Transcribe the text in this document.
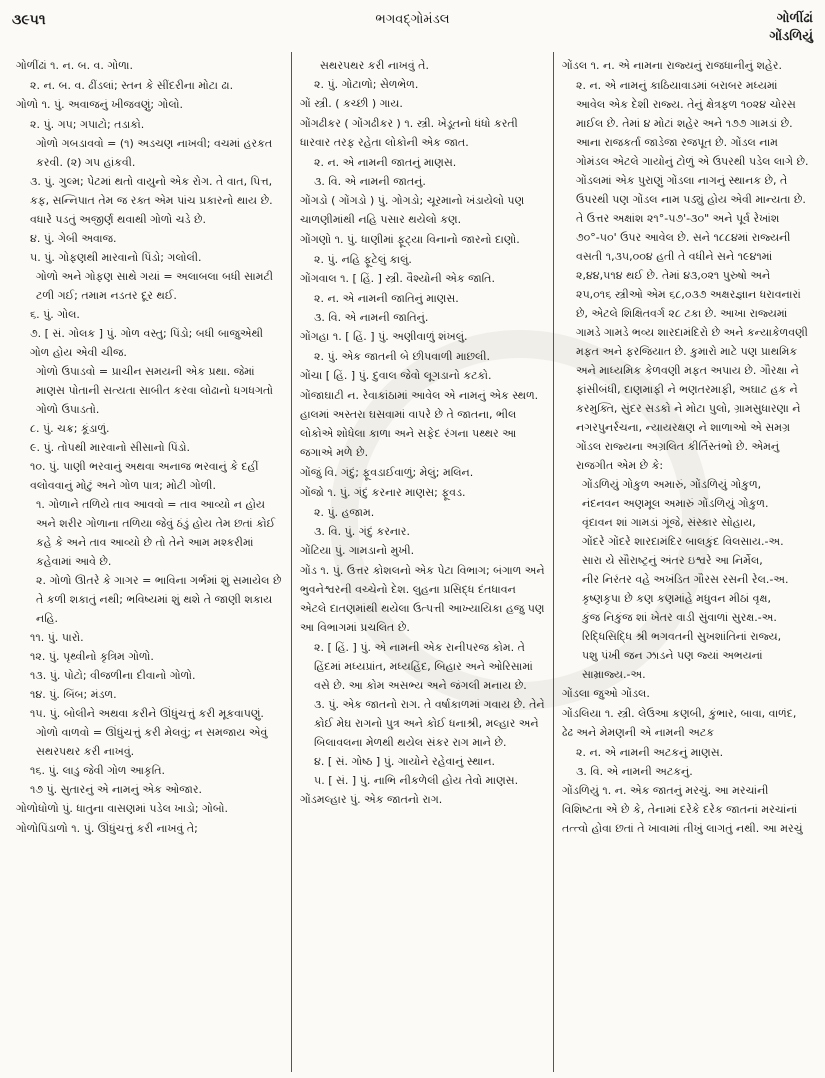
૩૯૫૧	ભગવદ્ગોમંડલ	ગોળીંઢાં
ગોંડળિયું
ગોળીંઢાં ૧. ન. બ. વ. ગોળા.
૨. ન. બ. વ. ઢીંડલાં; સ્તન કે સીંદરીના મોટા ઢા.
ગોળો ૧. પું. અવાજનું ખીજવણું; ગોલો.
૨. પું. ગપ; ગપાટો; તડાકો.
ગોળો ગબડાવવો = (૧) અડચણ નાખવી; વચમાં હરકત કરવી. (૨) ગપ હાંકવી.
૩. પું. ગુલ્મ; પેટમાં થતો વાયુનો એક રોગ. તે વાત, પિત્ત, કફ, સન્નિપાત તેમ જ રક્ત એમ પાંચ પ્રકારનો થાય છે. વધારે પડતું અજીર્ણ થવાથી ગોળો ચડે છે.
૪. પું. ગેબી અવાજ.
૫. પું. ગોફણથી મારવાનો પિંડો; ગલોલી.
ગોળો અને ગોફણ સાથે ગયાં = અલાબલા બધી સામટી ટળી ગઈ; તમામ નડતર દૂર થઈ.
૬. પું. ગોલ.
૭. [ સં. ગોલક ] પું. ગોળ વસ્તુ; પિંડો; બધી બાજુએથી ગોળ હોય એવી ચીજ.
ગોળો ઉપાડવો = પ્રાચીન સમયની એક પ્રથા. જેમાં માણસ પોતાની સત્યતા સાબીત કરવા લોઢાનો ધગધગતો ગોળો ઉપાડતો.
૮. પું. ચક્ર; કૂંડાળું.
૯. પું. તોપથી મારવાનો સીસાનો પિંડો.
૧૦. પું. પાણી ભરવાનું અથવા અનાજ ભરવાનું કે દહીં વલોવવાનું મોટું અને ગોળ પાત્ર; મોટી ગોળી.
૧. ગોળાને તળિયે તાવ આવવો = તાવ આવ્યો ન હોય અને શરીર ગોળાના તળિયા જેવું ઠંડું હોય તેમ છતાં કોઈ કહે કે અને તાવ આવ્યો છે તો તેને આમ મશ્કરીમાં કહેવામાં આવે છે.
૨. ગોળો ઊતરે કે ગાગર = ભાવિના ગર્ભમાં શું સમાયેલ છે તે કળી શકાતું નથી; ભવિષ્યમાં શું થશે તે જાણી શકાય નહિ.
૧૧. પું. પારો.
૧૨. પું. પૃથ્વીનો કૃત્રિમ ગોળો.
૧૩. પું. પોટો; વીજળીના દીવાનો ગોળો.
૧૪. પું. બિંબ; મંડળ.
૧૫. પું. બોલીને અથવા કરીને ઊંધુંચત્તું કરી મૂકવાપણું.
ગોળો વાળવો = ઊંધુંચત્તું કરી મેલવું; ન સમજાય એવું સથરપથર કરી નાખવું.
૧૬. પું. લાડુ જેવી ગોળ આકૃતિ.
૧૭ પું. સુતારનું એ નામનું એક ઓજાર.
ગોળોધોળો પું. ધાતુના વાસણમાં પડેલ ખાડો; ગોબો.
ગોળોપિંડાળો ૧. પું. ઊંધુંચત્તું કરી નાખવું તે;
સથરપથર કરી નાખવું તે.
૨. પું. ગોટાળો; સેળભેળ.
ગોં સ્ત્રી. ( કચ્છી ) ગાય.
ગોંગઢીકર ( ગોંગઢીકર ) ૧. સ્ત્રી. ખેડૂતનો ધંધો કરતી ધારવાર તરફ રહેતા લોકોની એક જાત.
૨. ન. એ નામની જાતનું માણસ.
૩. વિ. એ નામની જાતનું.
ગોંગડો ( ગોંગડો ) પું. ગોગડો; ચૂરમાનો ખંડાયેલો પણ ચાળણીમાંથી નહિ પસાર થયેલો કણ.
ગોંગણો ૧. પું. ધાણીમાં ફૂટ્યા વિનાનો જારનો દાણો.
૨. પું. નહિ ફૂટેલું કાલું.
ગોંગવાલ ૧. [ હિં. ] સ્ત્રી. વૈશ્યોની એક જાતિ.
૨. ન. એ નામની જાતિનું માણસ.
૩. વિ. એ નામની જાતિનું.
ગોંગહા ૧. [ હિં. ] પું. અણીવાળું શંખલું.
૨. પું. એક જાતની બે છીપવાળી માછલી.
ગોંચા [ હિં. ] પું. દુવાલ જેવો લૂગડાનો કટકો.
ગોંજાઘાટી ન. રેવાકાંઠામાં આવેલ એ નામનું એક સ્થળ. હાલમાં અસ્તરા ઘસવામાં વાપરે છે તે જાતના, ભીલ લોકોએ શોધેલા કાળા અને સફેદ રંગના પથ્થર આ જગાએ મળે છે.
ગોંજું વિ. ગંદું; ફૂવડાઈવાળું; મેલું; મલિન.
ગોંજો ૧. પું. ગંદું કરનાર માણસ; ફૂવડ.
૨. પું. હજામ.
૩. વિ. પું. ગંદું કરનાર.
ગોંટિયા પું. ગામડાનો મુખી.
ગોંડ ૧. પું. ઉત્તર કોશલનો એક પેટા વિભાગ; બંગાળ અને ભુવનેશ્વરની વચ્ચેનો દેશ. લુહના પ્રસિદ્ધ દંતધાવન એટલે દાતણમાંથી થયેલા ઉત્પત્તી આખ્યાયિકા હજુ પણ આ વિભાગમાં પ્રચલિત છે.
૨. [ હિં. ] પું. એ નામની એક રાનીપરજ કોમ. તે હિંદમાં મધ્યપ્રાંત, મધ્યહિંદ, બિહાર અને ઓરિસામાં વસે છે. આ કોમ અસભ્ય અને જંગલી મનાય છે.
૩. પું. એક જાતનો રાગ. તે વર્ષાકાળમાં ગવાય છે. તેને કોઈ મેઘ રાગનો પુત્ર અને કોઈ ધનાશ્રી, મલ્હાર અને બિલાવલના મેળથી થયેલ સંકર રાગ માને છે.
૪. [ સં. ગોષ્ઠ ] પું. ગાયોને રહેવાનું સ્થાન.
૫. [ સં. ] પું. નાભિ નીકળેલી હોય તેવો માણસ.
ગોંડમલ્હાર પું. એક જાતનો રાગ.
ગોંડલ ૧. ન. એ નામના રાજ્યનું રાજધાનીનું શહેર.
૨. ન. એ નામનું કાઠિયાવાડમાં બરાબર મધ્યમાં આવેલ એક દેશી રાજ્ય. તેનું ક્ષેત્રફળ ૧૦૨૪ ચોરસ માઈલ છે. તેમાં ૪ મોટાં શહેર અને ૧૭૭ ગામડાં છે. આના રાજકર્તા જાડેજા રજપૂત છે. ગોંડલ નામ ગોમંડલ એટલે ગાયોનું ટોળું એ ઉપરથી પડેલ લાગે છે. ગોંડલમાં એક પુરાણું ગોંડલા નાગનું સ્થાનક છે, તે ઉપરથી પણ ગોંડલ નામ પડ્યું હોય એવી માન્યતા છે. તે ઉત્તર અક્ષાંશ ૨૧°-૫૭'-૩૦" અને પૂર્વ રેખાંશ ૭૦°-૫૦' ઉપર આવેલ છે. સને ૧૮૮૪માં રાજ્યની વસતી ૧,૩૫,૦૦૪ હતી તે વધીને સને ૧૯૪૧માં ૨,૪૪,૫૧૪ થઈ છે. તેમાં ૪૩,૦૨૧ પુરુષો અને ૨૫,૦૧૬ સ્ત્રીઓ એમ ૬૮,૦૩૭ અક્ષરજ્ઞાન ધરાવનારાં છે, એટલે શિક્ષિતવર્ગ ૨૮ ટકા છે. આખા રાજ્યમાં ગામડે ગામડે ભવ્ય શારદામંદિરો છે અને કન્યાકેળવણી મફત અને ફરજિયાત છે. કુમારો માટે પણ પ્રાથમિક અને માધ્યમિક કેળવણી મફત અપાય છે. ગૌરક્ષા ને ફાંસીબંધી, દાણમાફી ને ભણતરમાફી, અઘાટ હક ને કરમુક્તિ, સુંદર સડકો ને મોટા પુલો, ગ્રામસુધારણા ને નગરપુનર્રચના, ન્યાયરક્ષણ ને શાળાઓ એ સમગ્ર ગોંડલ રાજ્યના અગ્રલિત કીર્તિસ્તંભો છે. એમનું રાજગીત એમ છે કે:
ગોંડળિયું ગોકુળ અમારું, ગોંડળિયું ગોકુળ,
નંદનવન અણમૂલ અમારું ગોંડળિયું ગોકુળ.
વૃંદાવન શાં ગામડાં ગૂંજે, સંસ્કાર સોહાય,
ગોંદરે ગોંદરે શારદામંદિર બાલકુંદ વિલસાય.-અ.
સારા યે સૌરાષ્ટ્રનું અંતર ઇશ્વરે આ નિર્મેલ,
નીર નિરંતર વહે અખંડિત ગૌરસ રસની રેલ.-અ.
કૃષ્ણકૃપા છે કણ કણમાંહે મધુવન મીઠાં વૃક્ષ,
કુંજ નિકુંજ શાં ખેતર વાડી સુંવાળાં સુરક્ષ.-અ.
રિદ્ધિસિદ્ધિ શ્રી ભગવતની સુખશાંતિનાં રાજ્ય,
પશુ પંખી જન ઝાડને પણ જ્યાં અભયનાં સામ્રાજ્ય.-અ.
ગોંડલા જુઓ ગોંડલ.
ગોંડલિયા ૧. સ્ત્રી. લેઉઆ કણબી, કુંભાર, બાવા, વાળંદ, ઢેઢ અને મેમણની એ નામની અટક
૨. ન. એ નામની અટકનું માણસ.
૩. વિ. એ નામની અટકનું.
ગોંડળિયું ૧. ન. એક જાતનું મરચું. આ મરચાંની વિશિષ્ટતા એ છે કે, તેનામાં દરેકે દરેક જાતનાં મરચાંનાં તત્ત્વો હોવા છતાં તે ખાવામાં તીખું લાગતું નથી. આ મરચું
